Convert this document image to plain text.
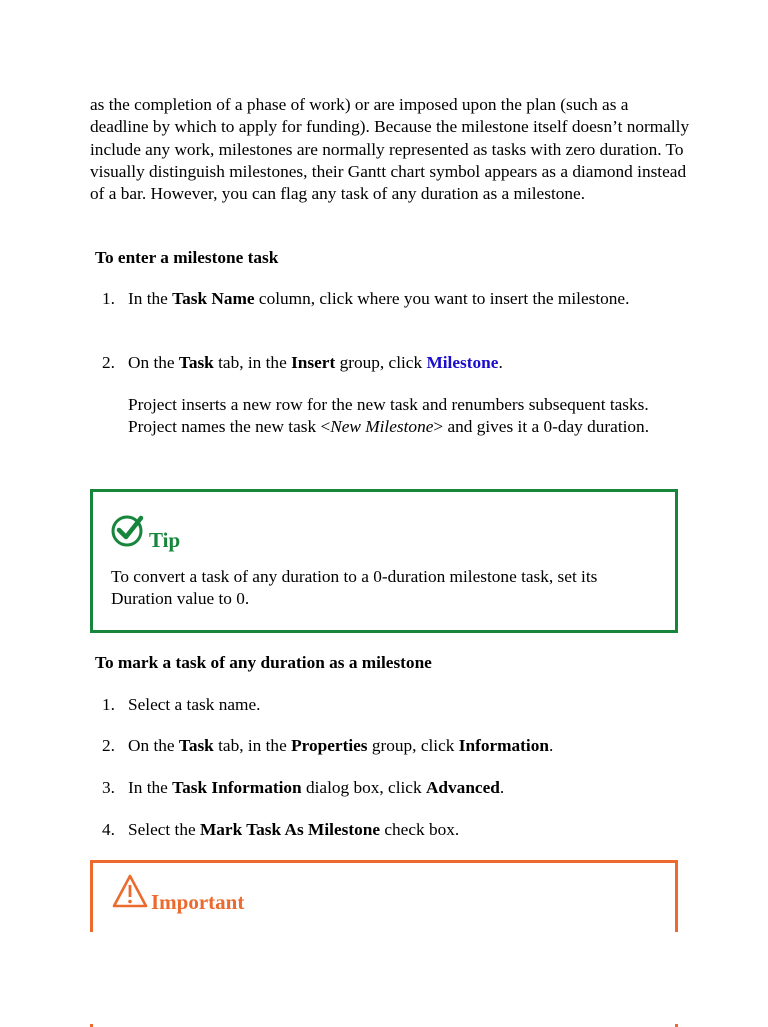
as the completion of a phase of work) or are imposed upon the plan (such as a deadline by which to apply for funding). Because the milestone itself doesn’t normally include any work, milestones are normally represented as tasks with zero duration. To visually distinguish milestones, their Gantt chart symbol appears as a diamond instead of a bar. However, you can flag any task of any duration as a milestone.

To enter a milestone task

1. In the Task Name column, click where you want to insert the milestone.

2. On the Task tab, in the Insert group, click Milestone.

Project inserts a new row for the new task and renumbers subsequent tasks. Project names the new task <New Milestone> and gives it a 0-day duration.

Tip

To convert a task of any duration to a 0-duration milestone task, set its Duration value to 0.

To mark a task of any duration as a milestone

1. Select a task name.

2. On the Task tab, in the Properties group, click Information.

3. In the Task Information dialog box, click Advanced.

4. Select the Mark Task As Milestone check box.

Important
